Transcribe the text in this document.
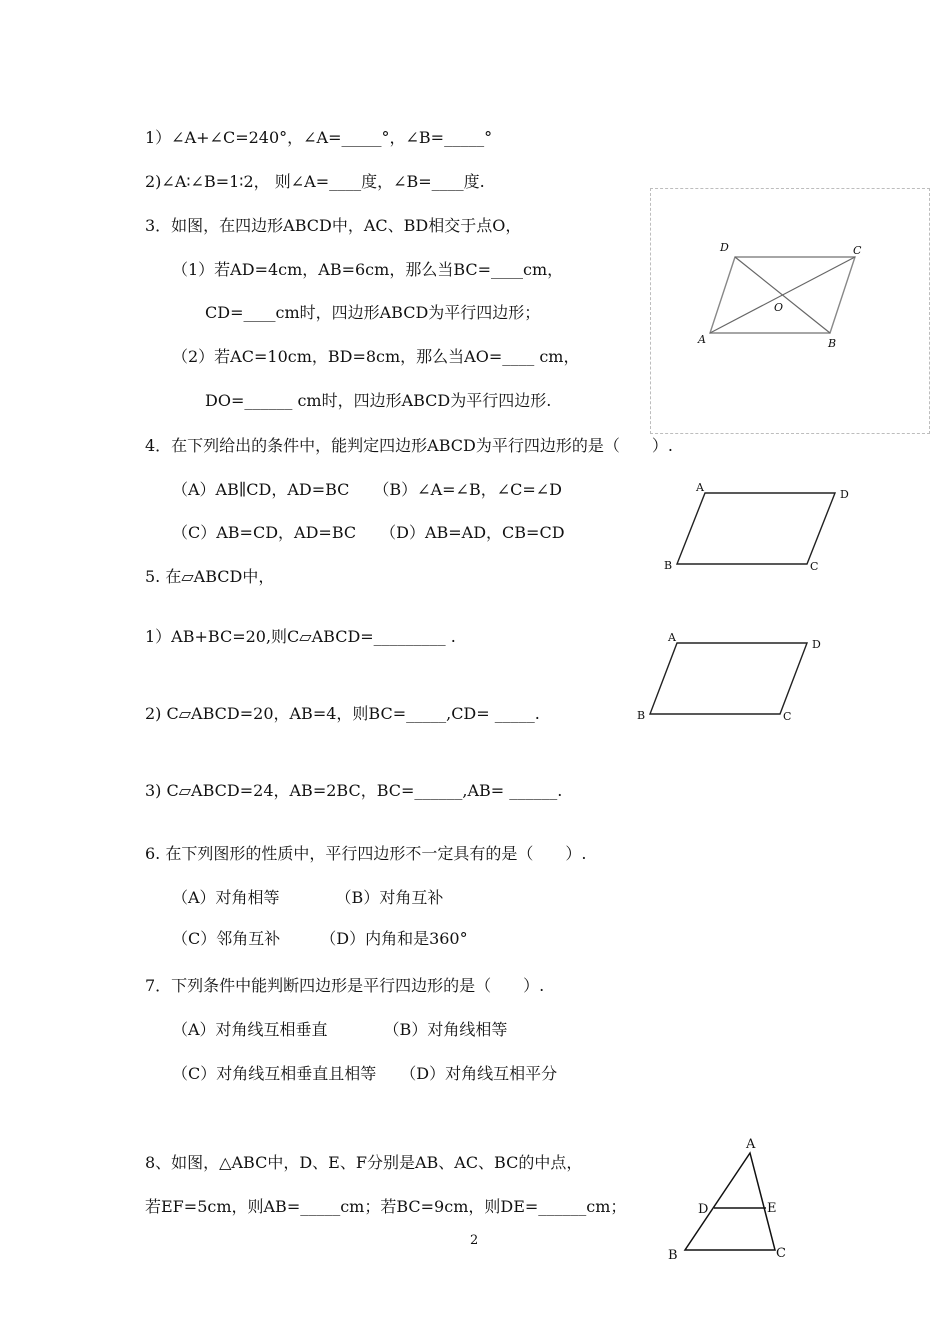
1）∠A+∠C=240°，∠A=_____°，∠B=_____°
2)∠A∶∠B=1∶2， 则∠A=____度，∠B=____度.
3．如图，在四边形ABCD中，AC、BD相交于点O，
（1）若AD=4cm，AB=6cm，那么当BC=____cm，
CD=____cm时，四边形ABCD为平行四边形；
（2）若AC=10cm，BD=8cm，那么当AO=____ cm，
DO=______ cm时，四边形ABCD为平行四边形.
4．在下列给出的条件中，能判定四边形ABCD为平行四边形的是（　　）.
（A）AB∥CD，AD=BC　　（B）∠A=∠B，∠C=∠D
（C）AB=CD，AD=BC　　（D）AB=AD，CB=CD
5. 在▱ABCD中，
1）AB+BC=20,则C▱ABCD=_________ .
2) C▱ABCD=20，AB=4，则BC=_____,CD= _____.
3) C▱ABCD=24，AB=2BC，BC=______,AB= ______.
6. 在下列图形的性质中，平行四边形不一定具有的是（　　）.
（A）对角相等　　　　（B）对角互补
（C）邻角互补　　　（D）内角和是360°
7．下列条件中能判断四边形是平行四边形的是（　　）.
（A）对角线互相垂直　　　　（B）对角线相等
（C）对角线互相垂直且相等　　（D）对角线互相平分
8、如图，△ABC中，D、E、F分别是AB、AC、BC的中点，
若EF=5cm，则AB=_____cm；若BC=9cm，则DE=______cm；
D	C
A	B
O
A
D
B	C
A
D
B	C
A
D	E
B	C
2
